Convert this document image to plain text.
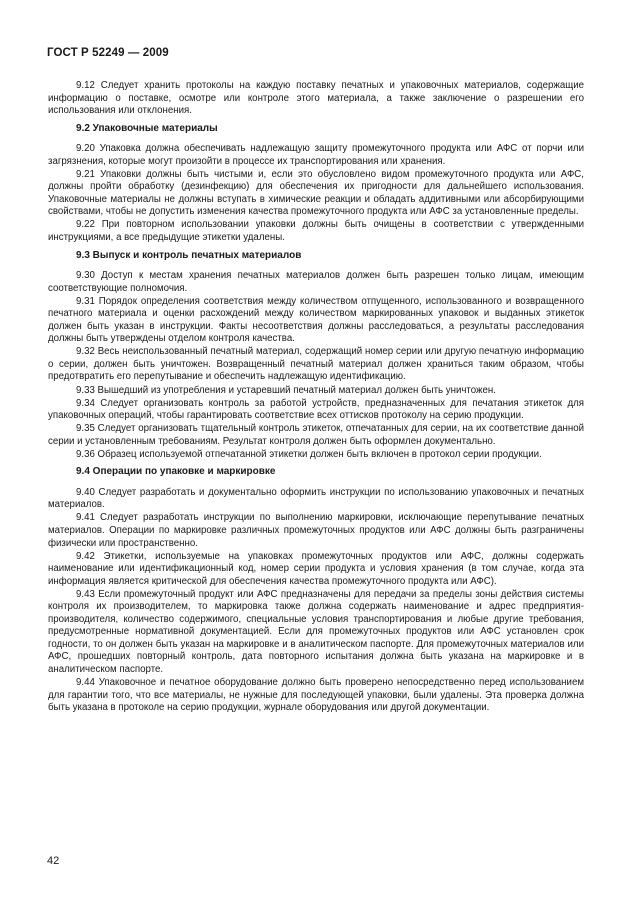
ГОСТ Р 52249 — 2009

9.12 Следует хранить протоколы на каждую поставку печатных и упаковочных материалов, содержащие информацию о поставке, осмотре или контроле этого материала, а также заключение о разрешении его использования или отклонения.

9.2 Упаковочные материалы

9.20 Упаковка должна обеспечивать надлежащую защиту промежуточного продукта или АФС от порчи или загрязнения, которые могут произойти в процессе их транспортирования или хранения.

9.21 Упаковки должны быть чистыми и, если это обусловлено видом промежуточного продукта или АФС, должны пройти обработку (дезинфекцию) для обеспечения их пригодности для дальнейшего использования. Упаковочные материалы не должны вступать в химические реакции и обладать аддитивными или абсорбирующими свойствами, чтобы не допустить изменения качества промежуточного продукта или АФС за установленные пределы.

9.22 При повторном использовании упаковки должны быть очищены в соответствии с утвержденными инструкциями, а все предыдущие этикетки удалены.

9.3 Выпуск и контроль печатных материалов

9.30 Доступ к местам хранения печатных материалов должен быть разрешен только лицам, имеющим соответствующие полномочия.

9.31 Порядок определения соответствия между количеством отпущенного, использованного и возвращенного печатного материала и оценки расхождений между количеством маркированных упаковок и выданных этикеток должен быть указан в инструкции. Факты несоответствия должны расследоваться, а результаты расследования должны быть утверждены отделом контроля качества.

9.32 Весь неиспользованный печатный материал, содержащий номер серии или другую печатную информацию о серии, должен быть уничтожен. Возвращенный печатный материал должен храниться таким образом, чтобы предотвратить его перепутывание и обеспечить надлежащую идентификацию.

9.33 Вышедший из употребления и устаревший печатный материал должен быть уничтожен.

9.34 Следует организовать контроль за работой устройств, предназначенных для печатания этикеток для упаковочных операций, чтобы гарантировать соответствие всех оттисков протоколу на серию продукции.

9.35 Следует организовать тщательный контроль этикеток, отпечатанных для серии, на их соответствие данной серии и установленным требованиям. Результат контроля должен быть оформлен документально.

9.36 Образец используемой отпечатанной этикетки должен быть включен в протокол серии продукции.

9.4 Операции по упаковке и маркировке

9.40 Следует разработать и документально оформить инструкции по использованию упаковочных и печатных материалов.

9.41 Следует разработать инструкции по выполнению маркировки, исключающие перепутывание печатных материалов. Операции по маркировке различных промежуточных продуктов или АФС должны быть разграничены физически или пространственно.

9.42 Этикетки, используемые на упаковках промежуточных продуктов или АФС, должны содержать наименование или идентификационный код, номер серии продукта и условия хранения (в том случае, когда эта информация является критической для обеспечения качества промежуточного продукта или АФС).

9.43 Если промежуточный продукт или АФС предназначены для передачи за пределы зоны действия системы контроля их производителем, то маркировка также должна содержать наименование и адрес предприятия-производителя, количество содержимого, специальные условия транспортирования и любые другие требования, предусмотренные нормативной документацией. Если для промежуточных продуктов или АФС установлен срок годности, то он должен быть указан на маркировке и в аналитическом паспорте. Для промежуточных материалов или АФС, прошедших повторный контроль, дата повторного испытания должна быть указана на маркировке и в аналитическом паспорте.

9.44 Упаковочное и печатное оборудование должно быть проверено непосредственно перед использованием для гарантии того, что все материалы, не нужные для последующей упаковки, были удалены. Эта проверка должна быть указана в протоколе на серию продукции, журнале оборудования или другой документации.

42
